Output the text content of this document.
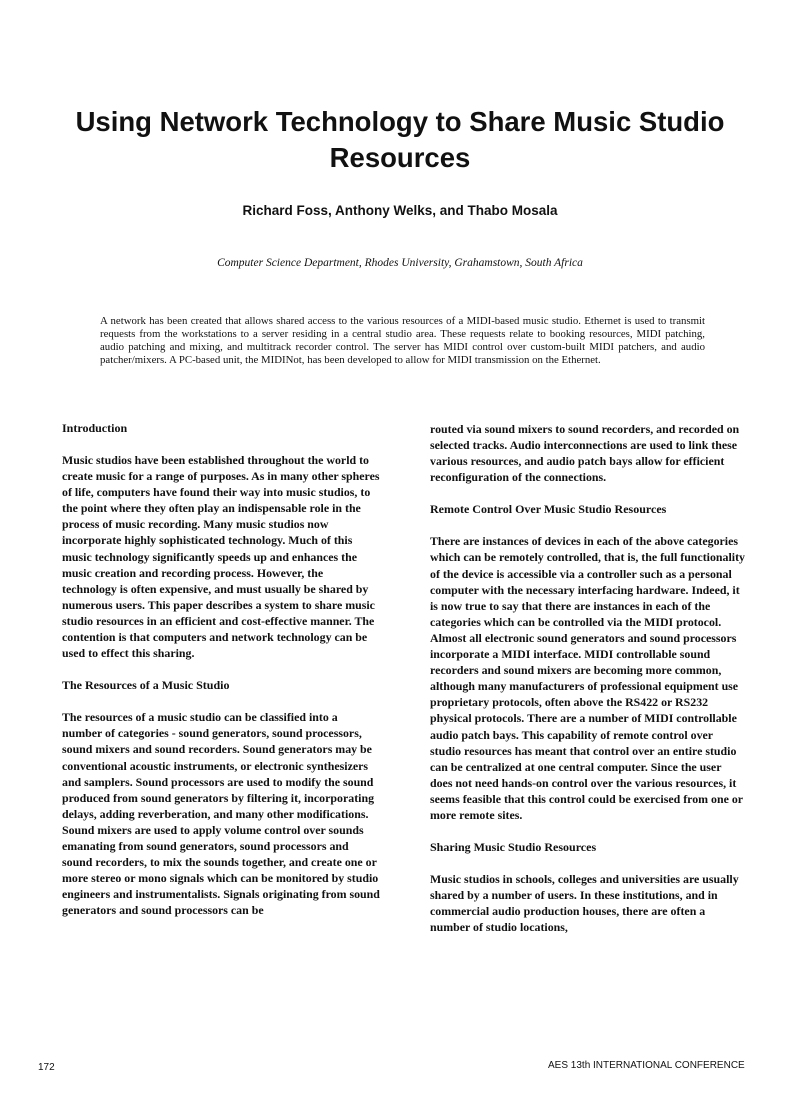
Using Network Technology to Share Music Studio Resources
Richard Foss, Anthony Welks, and Thabo Mosala
Computer Science Department, Rhodes University, Grahamstown, South Africa
A network has been created that allows shared access to the various resources of a MIDI-based music studio. Ethernet is used to transmit requests from the workstations to a server residing in a central studio area. These requests relate to booking resources, MIDI patching, audio patching and mixing, and multitrack recorder control. The server has MIDI control over custom-built MIDI patchers, and audio patcher/mixers. A PC-based unit, the MIDINot, has been developed to allow for MIDI transmission on the Ethernet.
Introduction

Music studios have been established throughout the world to create music for a range of purposes. As in many other spheres of life, computers have found their way into music studios, to the point where they often play an indispensable role in the process of music recording. Many music studios now incorporate highly sophisticated technology. Much of this music technology significantly speeds up and enhances the music creation and recording process. However, the technology is often expensive, and must usually be shared by numerous users. This paper describes a system to share music studio resources in an efficient and cost-effective manner. The contention is that computers and network technology can be used to effect this sharing.

The Resources of a Music Studio

The resources of a music studio can be classified into a number of categories - sound generators, sound processors, sound mixers and sound recorders. Sound generators may be conventional acoustic instruments, or electronic synthesizers and samplers. Sound processors are used to modify the sound produced from sound generators by filtering it, incorporating delays, adding reverberation, and many other modifications. Sound mixers are used to apply volume control over sounds emanating from sound generators, sound processors and sound recorders, to mix the sounds together, and create one or more stereo or mono signals which can be monitored by studio engineers and instrumentalists. Signals originating from sound generators and sound processors can be

routed via sound mixers to sound recorders, and recorded on selected tracks. Audio interconnections are used to link these various resources, and audio patch bays allow for efficient reconfiguration of the connections.

Remote Control Over Music Studio Resources

There are instances of devices in each of the above categories which can be remotely controlled, that is, the full functionality of the device is accessible via a controller such as a personal computer with the necessary interfacing hardware. Indeed, it is now true to say that there are instances in each of the categories which can be controlled via the MIDI protocol. Almost all electronic sound generators and sound processors incorporate a MIDI interface. MIDI controllable sound recorders and sound mixers are becoming more common, although many manufacturers of professional equipment use proprietary protocols, often above the RS422 or RS232 physical protocols. There are a number of MIDI controllable audio patch bays. This capability of remote control over studio resources has meant that control over an entire studio can be centralized at one central computer. Since the user does not need hands-on control over the various resources, it seems feasible that this control could be exercised from one or more remote sites.

Sharing Music Studio Resources

Music studios in schools, colleges and universities are usually shared by a number of users. In these institutions, and in commercial audio production houses, there are often a number of studio locations,

172	AES 13th INTERNATIONAL CONFERENCE
